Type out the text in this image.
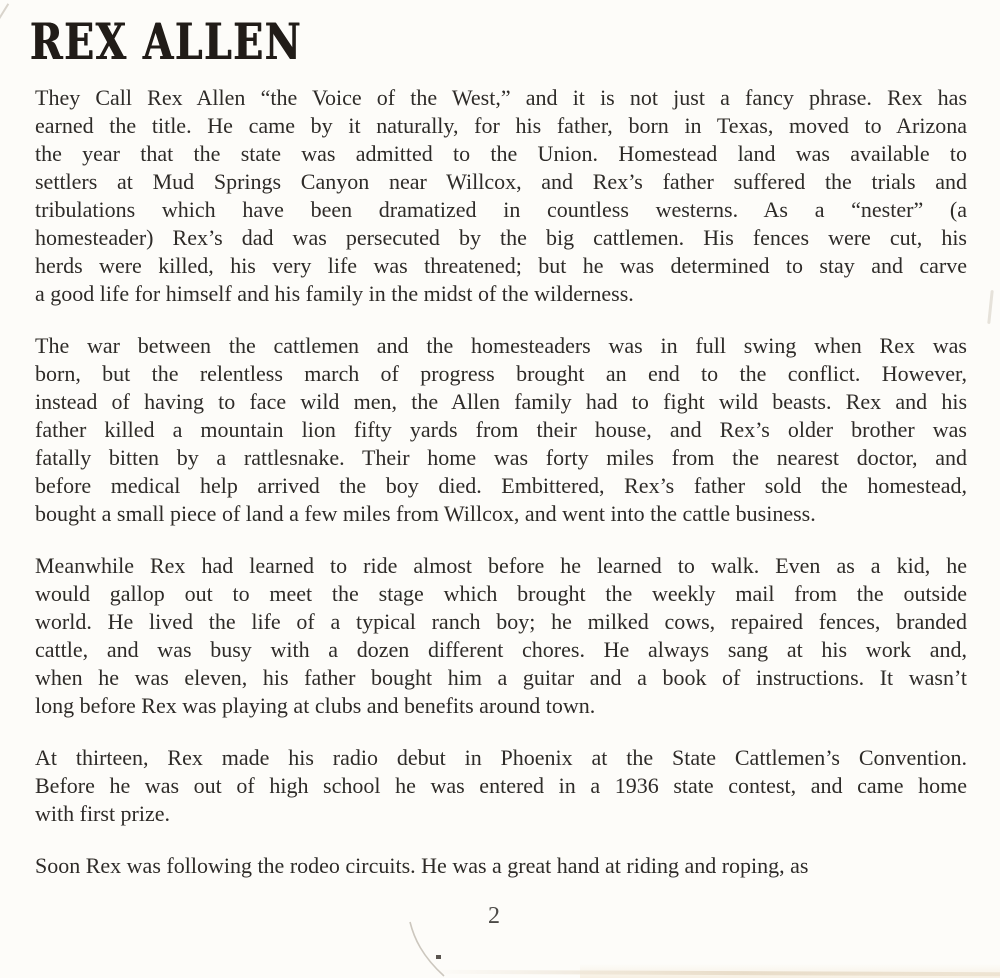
REX ALLEN

They Call Rex Allen “the Voice of the West,” and it is not just a fancy phrase. Rex has
earned the title. He came by it naturally, for his father, born in Texas, moved to Arizona
the year that the state was admitted to the Union. Homestead land was available to
settlers at Mud Springs Canyon near Willcox, and Rex’s father suffered the trials and
tribulations which have been dramatized in countless westerns. As a “nester” (a
homesteader) Rex’s dad was persecuted by the big cattlemen. His fences were cut, his
herds were killed, his very life was threatened; but he was determined to stay and carve
a good life for himself and his family in the midst of the wilderness.

The war between the cattlemen and the homesteaders was in full swing when Rex was
born, but the relentless march of progress brought an end to the conflict. However,
instead of having to face wild men, the Allen family had to fight wild beasts. Rex and his
father killed a mountain lion fifty yards from their house, and Rex’s older brother was
fatally bitten by a rattlesnake. Their home was forty miles from the nearest doctor, and
before medical help arrived the boy died. Embittered, Rex’s father sold the homestead,
bought a small piece of land a few miles from Willcox, and went into the cattle business.

Meanwhile Rex had learned to ride almost before he learned to walk. Even as a kid, he
would gallop out to meet the stage which brought the weekly mail from the outside
world. He lived the life of a typical ranch boy; he milked cows, repaired fences, branded
cattle, and was busy with a dozen different chores. He always sang at his work and,
when he was eleven, his father bought him a guitar and a book of instructions. It wasn’t
long before Rex was playing at clubs and benefits around town.

At thirteen, Rex made his radio debut in Phoenix at the State Cattlemen’s Convention.
Before he was out of high school he was entered in a 1936 state contest, and came home
with first prize.

Soon Rex was following the rodeo circuits. He was a great hand at riding and roping, as

2
